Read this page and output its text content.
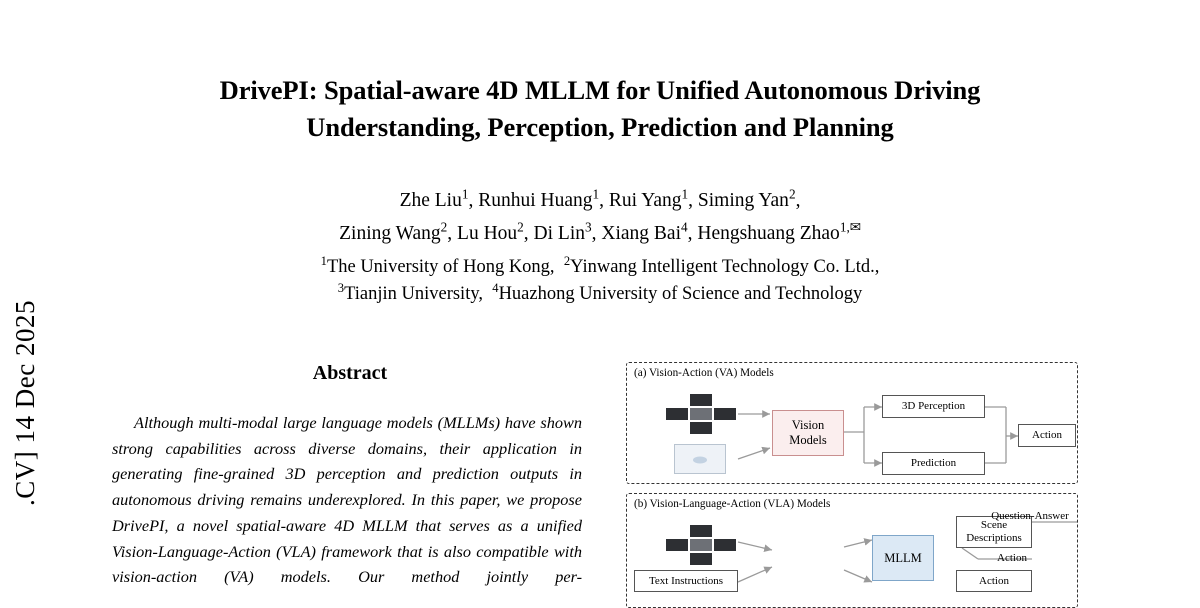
.CV] 14 Dec 2025
DrivePI: Spatial-aware 4D MLLM for Unified Autonomous Driving Understanding, Perception, Prediction and Planning
Zhe Liu$^1$, Runhui Huang$^1$, Rui Yang$^1$, Siming Yan$^2$,
Zining Wang$^2$, Lu Hou$^2$, Di Lin$^3$, Xiang Bai$^4$, Hengshuang Zhao$^{1,✉}$
$^1$The University of Hong Kong,  $^2$Yinwang Intelligent Technology Co. Ltd.,
$^3$Tianjin University,  $^4$Huazhong University of Science and Technology
Abstract

Although multi-modal large language models (MLLMs) have shown strong capabilities across diverse domains, their application in generating fine-grained 3D perception and prediction outputs in autonomous driving remains underexplored. In this paper, we propose DrivePI, a novel spatial-aware 4D MLLM that serves as a unified Vision-Language-Action (VLA) framework that is also compatible with vision-action (VA) models. Our method jointly per-

(a) Vision-Action (VA) Models
Vision Models
3D Perception
Prediction
Action
(b) Vision-Language-Action (VLA) Models
Text Instructions
MLLM
Scene Descriptions
Action
Question-Answer
Action
